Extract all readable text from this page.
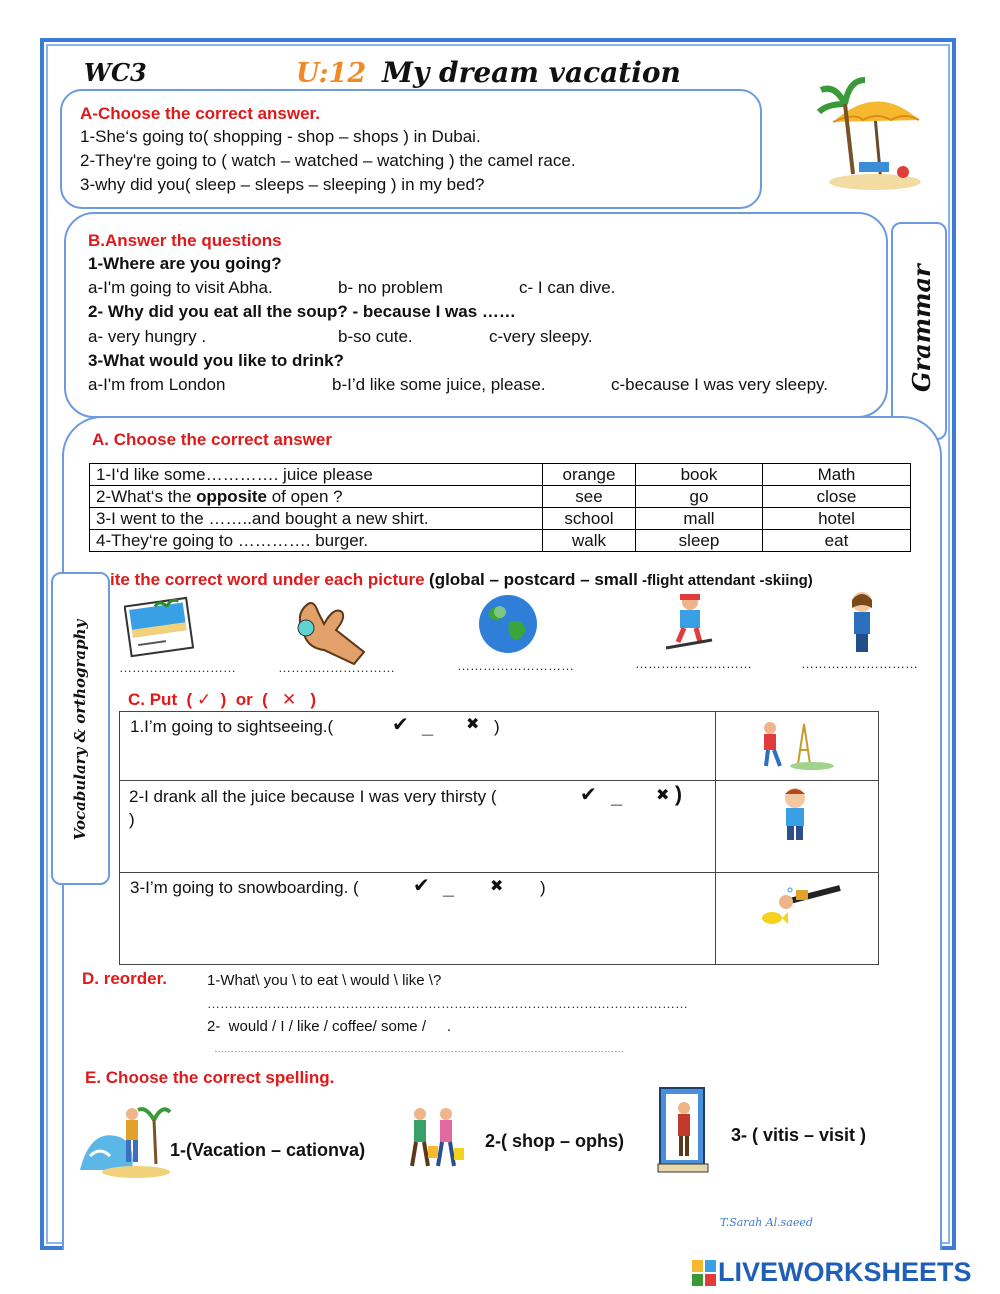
WC3	U:12 My dream vacation
A-Choose the correct answer.
1-She‘s going to( shopping - shop – shops ) in Dubai.
2-They're going to ( watch – watched – watching ) the camel race.
3-why did you( sleep – sleeps – sleeping ) in my bed?
B.Answer the questions
1-Where are you going?
a-I'm going to visit Abha.	b- no problem	c- I can dive.
2- Why did you eat all the soup? - because I was ……
a- very hungry .	b-so cute.	c-very sleepy.
3-What would you like to drink?
a-I'm from London	b-I’d like some juice, please.	c-because I was very sleepy.	Grammar
A. Choose the correct answer
1-I‘d like some…………. juice please	orange	book	Math
2-What‘s the opposite of open ?	see	go	close
3-I went to the ……..and bought a new shirt.	school	mall	hotel
4-They‘re going to …………. burger.	walk	sleep	eat
ite the correct word under each picture (global – postcard – small -flight attendant -skiing)
Vocabulary & orthography	………………………	………………………	………………………	………………………	………………………
C. Put  ( ✓  )  or  (   ✕   )
1.I’m going to sightseeing.(	✔ _ ✖ )
2-I drank all the juice because I was very thirsty (	✔ _ ✖ )
)
3-I’m going to snowboarding. (	✔ _ ✖ )
D. reorder.	1-What\ you \ to eat \ would \ like \?
…………………………………………………………………………………………………
2-  would / I / like / coffee/ some /     .
……………………………………………………………………………………………………………
E. Choose the correct spelling.
1-(Vacation – cationva)	2-( shop – ophs)	3- ( vitis – visit )
T.Sarah Al.saeed
LIVEWORKSHEETS
